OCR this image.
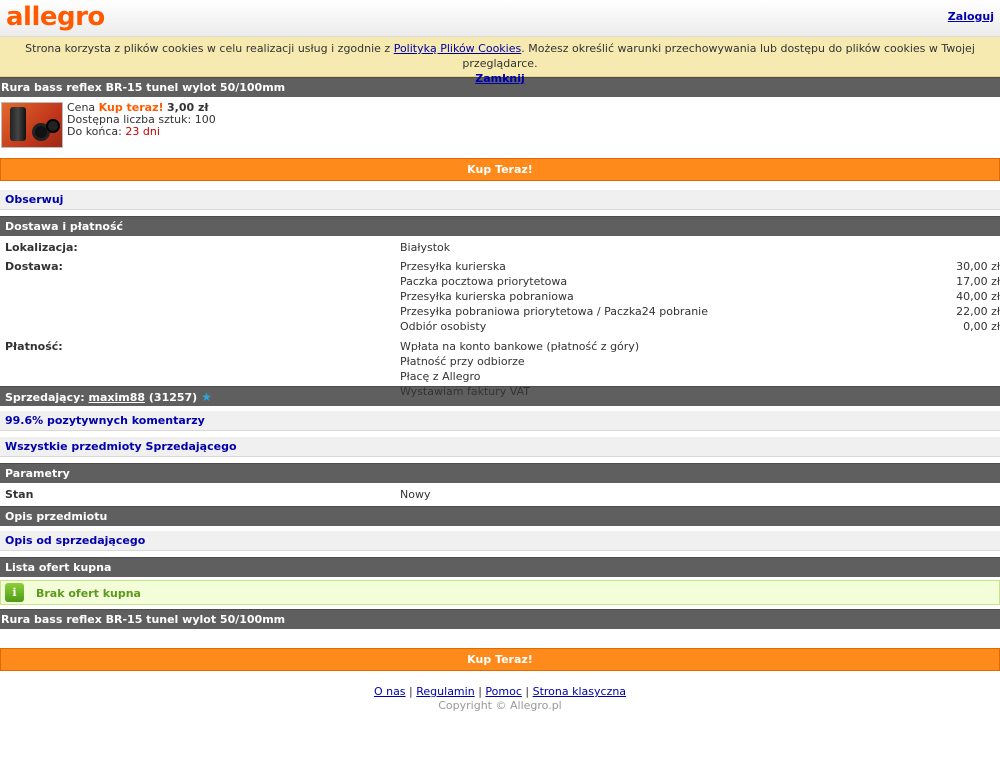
allegro	Zaloguj
Strona korzysta z plików cookies w celu realizacji usług i zgodnie z Polityką Plików Cookies. Możesz określić warunki przechowywania lub dostępu do plików cookies w Twojej przeglądarce.
Zamknij
Rura bass reflex BR-15 tunel wylot 50/100mm
Cena Kup teraz! 3,00 zł
Dostępna liczba sztuk: 100
Do końca: 23 dni
Kup Teraz!
Obserwuj
Dostawa i płatność
Lokalizacja:	Białystok
Dostawa:	Przesyłka kurierska	30,00 zł
Paczka pocztowa priorytetowa	17,00 zł
Przesyłka kurierska pobraniowa	40,00 zł
Przesyłka pobraniowa priorytetowa / Paczka24 pobranie	22,00 zł
Odbiór osobisty	0,00 zł
Płatność:	Wpłata na konto bankowe (płatność z góry)
Płatność przy odbiorze
Płacę z Allegro
Wystawiam faktury VAT
Sprzedający: maxim88 (31257) ★
99.6% pozytywnych komentarzy
Wszystkie przedmioty Sprzedającego
Parametry
Stan	Nowy
Opis przedmiotu
Opis od sprzedającego
Lista ofert kupna
i	Brak ofert kupna
Rura bass reflex BR-15 tunel wylot 50/100mm
Kup Teraz!
O nas | Regulamin | Pomoc | Strona klasyczna
Copyright © Allegro.pl
